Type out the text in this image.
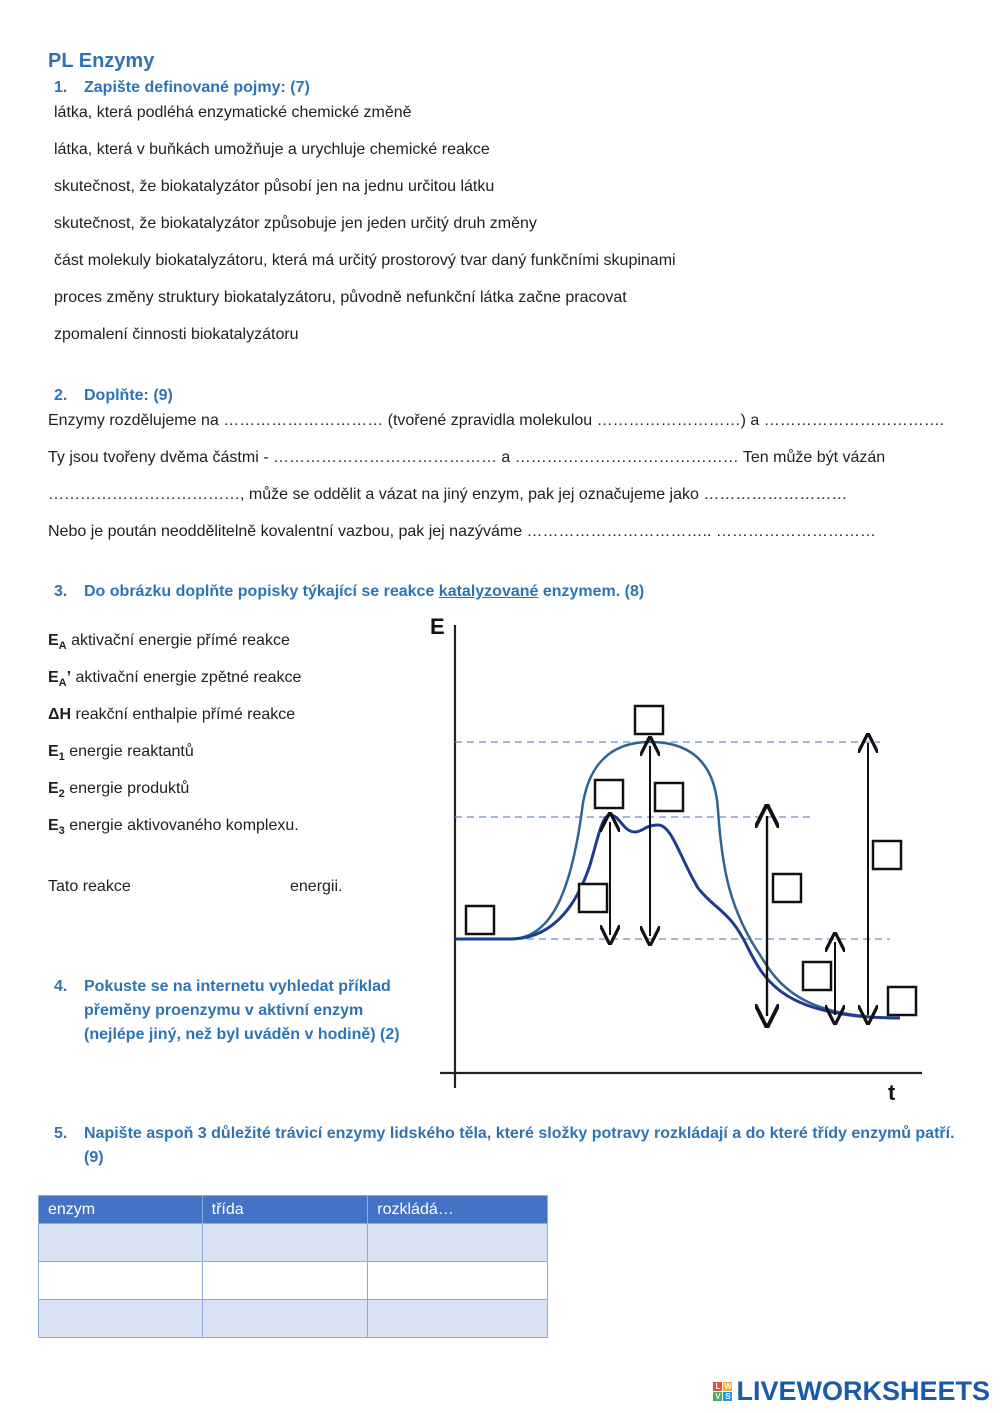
PL Enzymy
1. Zapište definované pojmy: (7)
látka, která podléhá enzymatické chemické změně
látka, která v buňkách umožňuje a urychluje chemické reakce
skutečnost, že biokatalyzátor působí jen na jednu určitou látku
skutečnost, že biokatalyzátor způsobuje jen jeden určitý druh změny
část molekuly biokatalyzátoru, která má určitý prostorový tvar daný funkčními skupinami
proces změny struktury biokatalyzátoru, původně nefunkční látka začne pracovat
zpomalení činnosti biokatalyzátoru
2. Doplňte: (9)
Enzymy rozdělujeme na ………………………… (tvořené zpravidla molekulou ………………………) a …………………………….
Ty jsou tvořeny dvěma částmi - …………………………………… a …………………………………… Ten může být vázán
………………………………, může se oddělit a vázat na jiný enzym, pak jej označujeme jako ………………………
Nebo je poután neoddělitelně kovalentní vazbou, pak jej nazýváme …………………………….. …………………………
3. Do obrázku doplňte popisky týkající se reakce katalyzované enzymem. (8)
$E_A$ aktivační energie přímé reakce
$E_A$’ aktivační energie zpětné reakce
ΔH reakční enthalpie přímé reakce
$E_1$ energie reaktantů
$E_2$ energie produktů
$E_3$ energie aktivovaného komplexu.
Tato reakce	energii.
E
t
4. Pokuste se na internetu vyhledat příklad přeměny proenzymu v aktivní enzym (nejlépe jiný, než byl uváděn v hodině) (2)
5. Napište aspoň 3 důležité trávicí enzymy lidského těla, které složky potravy rozkládají a do které třídy enzymů patří. (9)
enzym	třída	rozkládá…

L W
V S LIVEWORKSHEETS
